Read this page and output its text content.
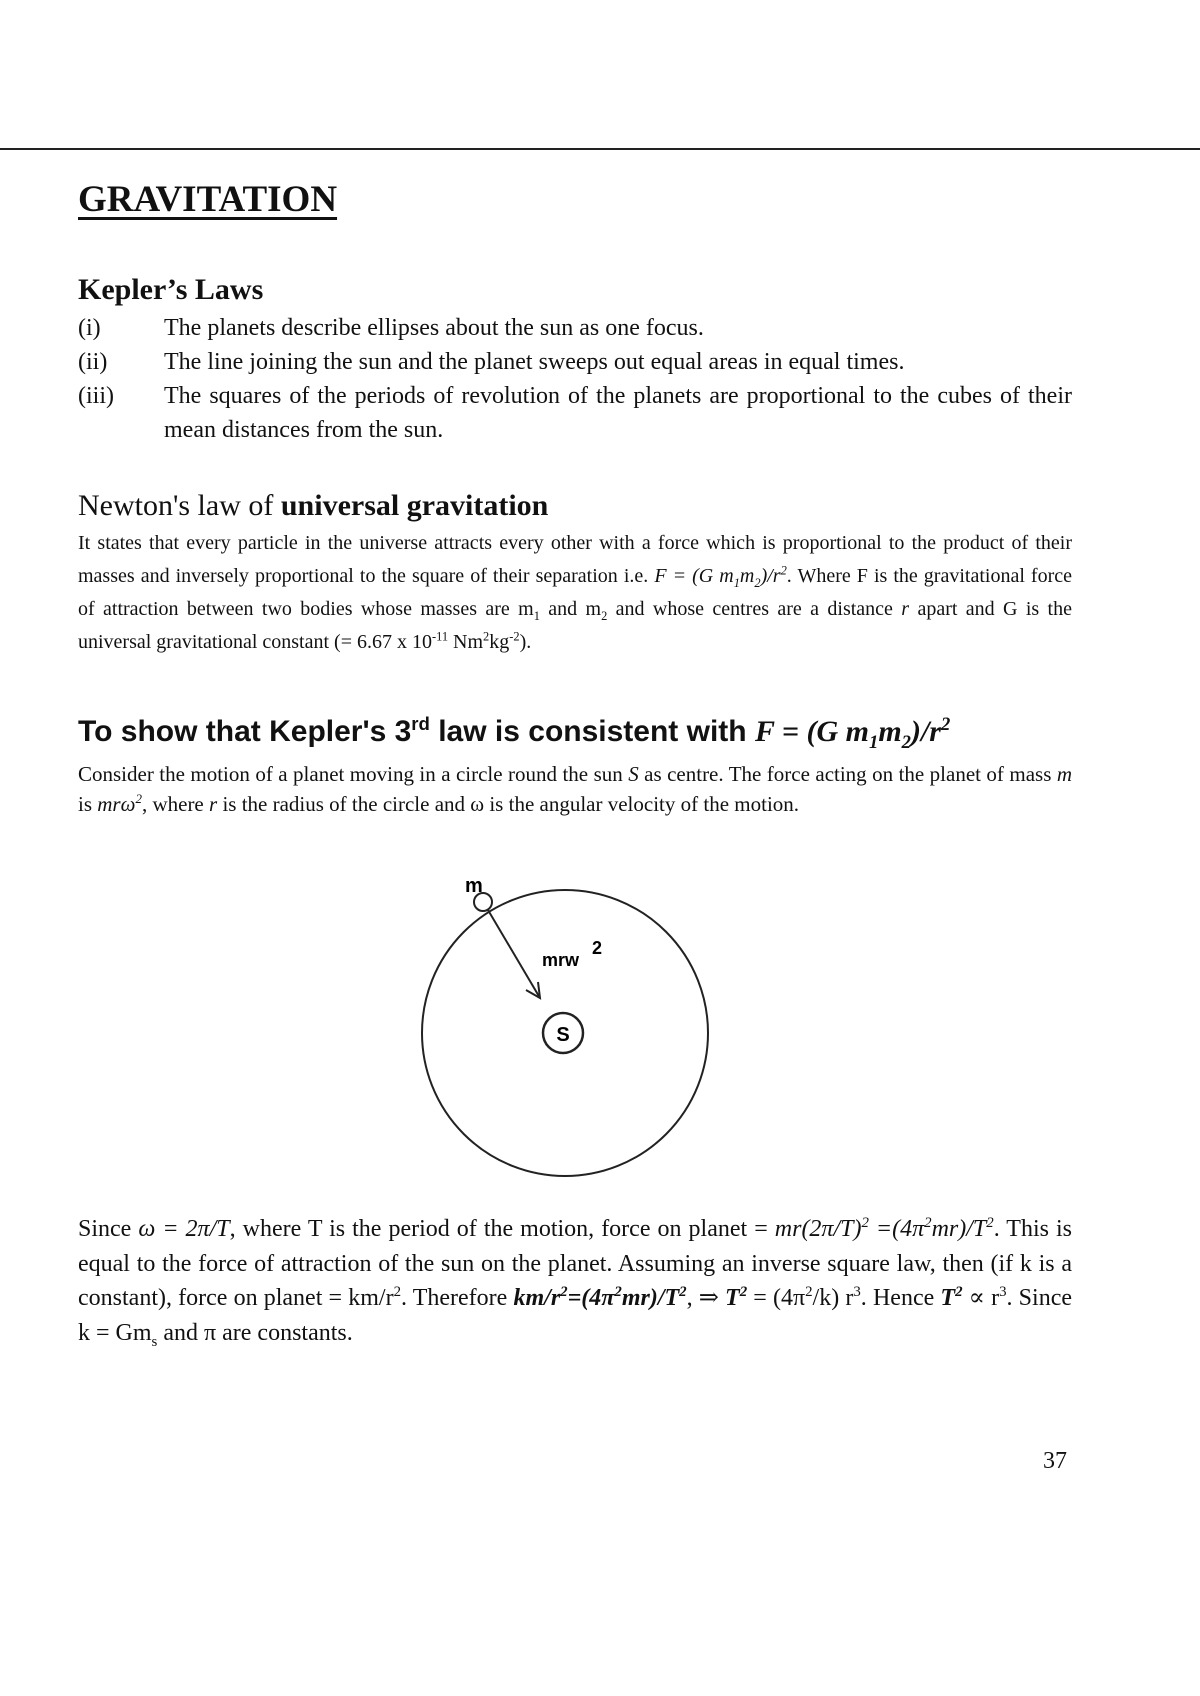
GRAVITATION
Kepler’s Laws
(i)	The planets describe ellipses about the sun as one focus.
(ii)	The line joining the sun and the planet sweeps out equal areas in equal times.
(iii)	The squares of the periods of revolution of the planets are proportional to the cubes of their mean distances from the sun.
Newton's law of universal gravitation

It states that every particle in the universe attracts every other with a force which is proportional to the product of their masses and inversely proportional to the square of their separation i.e. F = (G $m_1m_2)/r^2$. Where F is the gravitational force of attraction between two bodies whose masses are $m_1$ and $m_2$ and whose centres are a distance r apart and G is the universal gravitational constant (= 6.67 x $10^{-11}$ $Nm^2kg^{-2}$).

To show that Kepler's 3rd law is consistent with F = (G $m_1m_2)/r^2$

Consider the motion of a planet moving in a circle round the sun S as centre. The force acting on the planet of mass m is mrω$^2$, where r is the radius of the circle and ω is the angular velocity of the motion.

S
m
mrw
2

Since ω = 2π/T, where T is the period of the motion, force on planet = $mr(2\pi/T)^2 =(4\pi^2mr)/T^2$. This is equal to the force of attraction of the sun on the planet. Assuming an inverse square law, then (if k is a constant), force on planet = $km/r^2$. Therefore $km/r^2=(4\pi^2mr)/T^2$, ⇒ $T^2 = (4\pi^2/k)$ $r^3$. Hence $T^2 \propto r^3$. Since $k = Gm_s$ and π are constants.

37
